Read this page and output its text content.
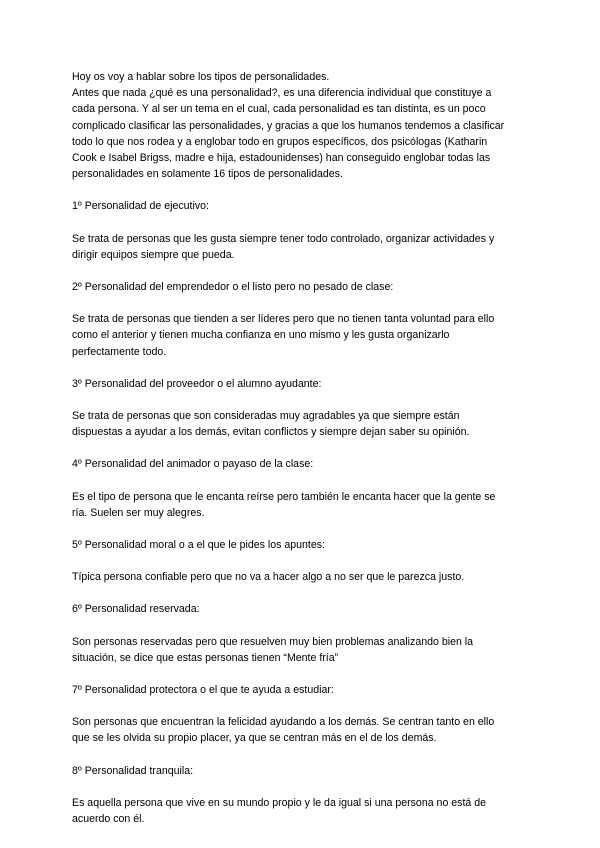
Hoy os voy a hablar sobre los tipos de personalidades.
Antes que nada ¿qué es una personalidad?, es una diferencia individual que constituye a
cada persona. Y al ser un tema en el cual, cada personalidad es tan distinta, es un poco
complicado clasificar las personalidades, y gracias a que los humanos tendemos a clasificar
todo lo que nos rodea y a englobar todo en grupos específicos, dos psicólogas (Katharin
Cook e Isabel Brigss, madre e hija, estadounidenses) han conseguido englobar todas las
personalidades en solamente 16 tipos de personalidades.

1º Personalidad de ejecutivo:

Se trata de personas que les gusta siempre tener todo controlado, organizar actividades y
dirigir equipos siempre que pueda.

2º Personalidad del emprendedor o el listo pero no pesado de clase:

Se trata de personas que tienden a ser líderes pero que no tienen tanta voluntad para ello
como el anterior y tienen mucha confianza en uno mismo y les gusta organizarlo
perfectamente todo.

3º Personalidad del proveedor o el alumno ayudante:

Se trata de personas que son consideradas muy agradables ya que siempre están
dispuestas a ayudar a los demás, evitan conflictos y siempre dejan saber su opinión.

4º Personalidad del animador o payaso de la clase:

Es el tipo de persona que le encanta reírse pero también le encanta hacer que la gente se
ría. Suelen ser muy alegres.

5º Personalidad moral o a el que le pides los apuntes:

Típica persona confiable pero que no va a hacer algo a no ser que le parezca justo.

6º Personalidad reservada:

Son personas reservadas pero que resuelven muy bien problemas analizando bien la
situación, se dice que estas personas tienen “Mente fría”

7º Personalidad protectora o el que te ayuda a estudiar:

Son personas que encuentran la felicidad ayudando a los demás. Se centran tanto en ello
que se les olvida su propio placer, ya que se centran más en el de los demás.

8º Personalidad tranquila:

Es aquella persona que vive en su mundo propio y le da igual si una persona no está de
acuerdo con él.
